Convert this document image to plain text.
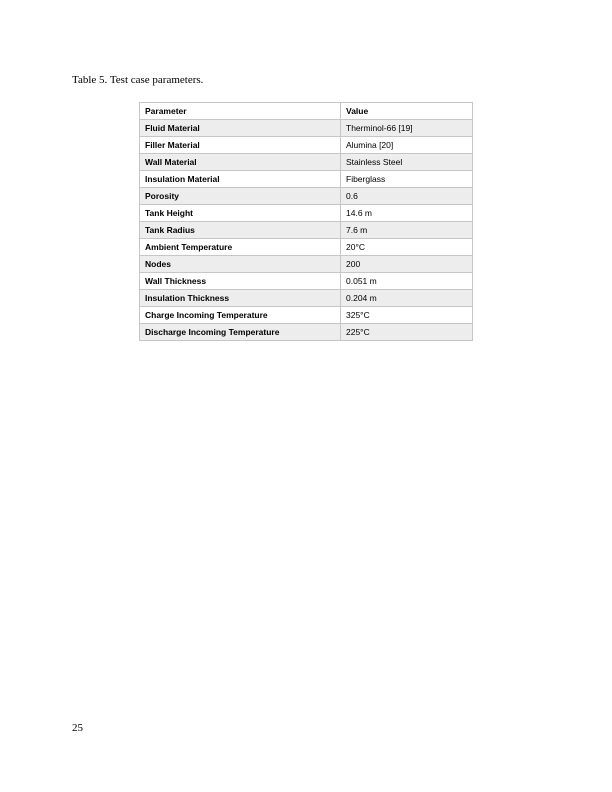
Table 5. Test case parameters.
Parameter	Value
Fluid Material	Therminol-66 [19]
Filler Material	Alumina [20]
Wall Material	Stainless Steel
Insulation Material	Fiberglass
Porosity	0.6
Tank Height	14.6 m
Tank Radius	7.6 m
Ambient Temperature	20°C
Nodes	200
Wall Thickness	0.051 m
Insulation Thickness	0.204 m
Charge Incoming Temperature	325°C
Discharge Incoming Temperature	225°C
25
